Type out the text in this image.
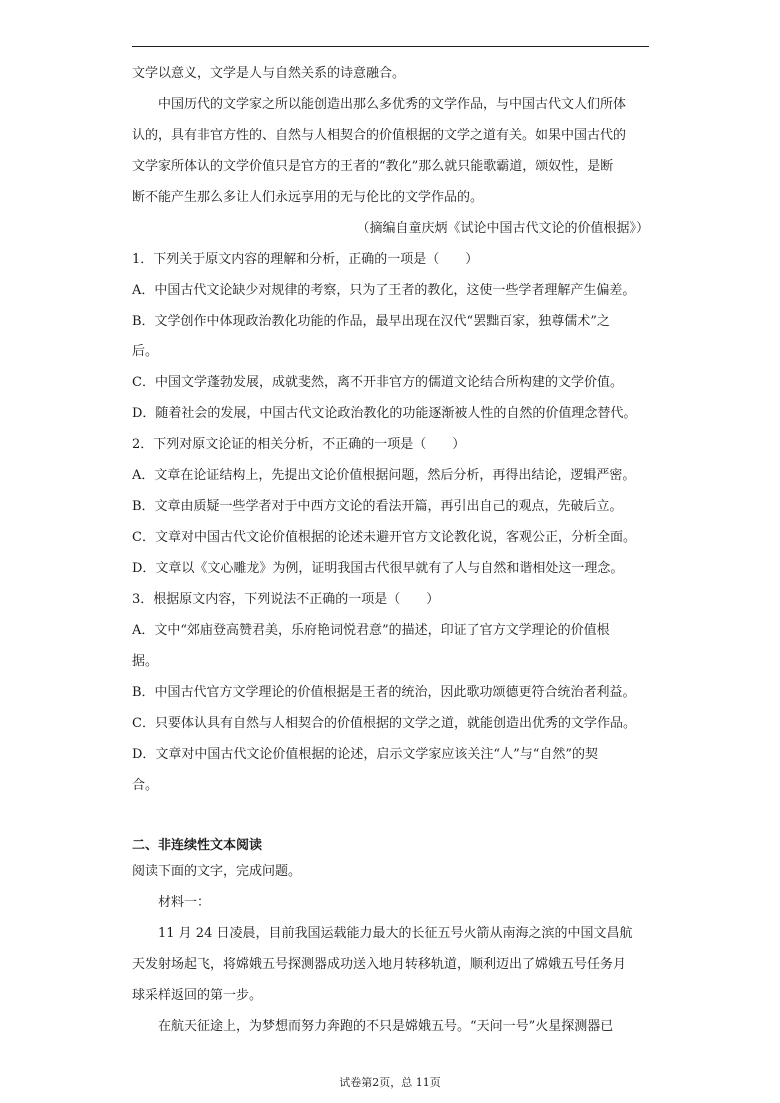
文学以意义，文学是人与自然关系的诗意融合。
中国历代的文学家之所以能创造出那么多优秀的文学作品，与中国古代文人们所体
认的，具有非官方性的、自然与人相契合的价值根据的文学之道有关。如果中国古代的
文学家所体认的文学价值只是官方的王者的“教化”那么就只能歌霸道，颂奴性，是断
断不能产生那么多让人们永远享用的无与伦比的文学作品的。
（摘编自童庆炳《试论中国古代文论的价值根据》）
1．下列关于原文内容的理解和分析，正确的一项是（　　）
A．中国古代文论缺少对规律的考察，只为了王者的教化，这使一些学者理解产生偏差。
B．文学创作中体现政治教化功能的作品，最早出现在汉代“罢黜百家，独尊儒术”之
后。
C．中国文学蓬勃发展，成就斐然，离不开非官方的儒道文论结合所构建的文学价值。
D．随着社会的发展，中国古代文论政治教化的功能逐渐被人性的自然的价值理念替代。
2．下列对原文论证的相关分析，不正确的一项是（　　）
A．文章在论证结构上，先提出文论价值根据问题，然后分析，再得出结论，逻辑严密。
B．文章由质疑一些学者对于中西方文论的看法开篇，再引出自己的观点，先破后立。
C．文章对中国古代文论价值根据的论述未避开官方文论教化说，客观公正，分析全面。
D．文章以《文心雕龙》为例，证明我国古代很早就有了人与自然和谐相处这一理念。
3．根据原文内容，下列说法不正确的一项是（　　）
A．文中“郊庙登高赞君美，乐府艳词悦君意”的描述，印证了官方文学理论的价值根
据。
B．中国古代官方文学理论的价值根据是王者的统治，因此歌功颂德更符合统治者利益。
C．只要体认具有自然与人相契合的价值根据的文学之道，就能创造出优秀的文学作品。
D．文章对中国古代文论价值根据的论述，启示文学家应该关注“人”与“自然”的契
合。
二、非连续性文本阅读
阅读下面的文字，完成问题。
材料一：
11 月 24 日凌晨，目前我国运载能力最大的长征五号火箭从南海之滨的中国文昌航
天发射场起飞，将嫦娥五号探测器成功送入地月转移轨道，顺利迈出了嫦娥五号任务月
球采样返回的第一步。
在航天征途上，为梦想而努力奔跑的不只是嫦娥五号。“天问一号”火星探测器已
试卷第2页，总 11页
